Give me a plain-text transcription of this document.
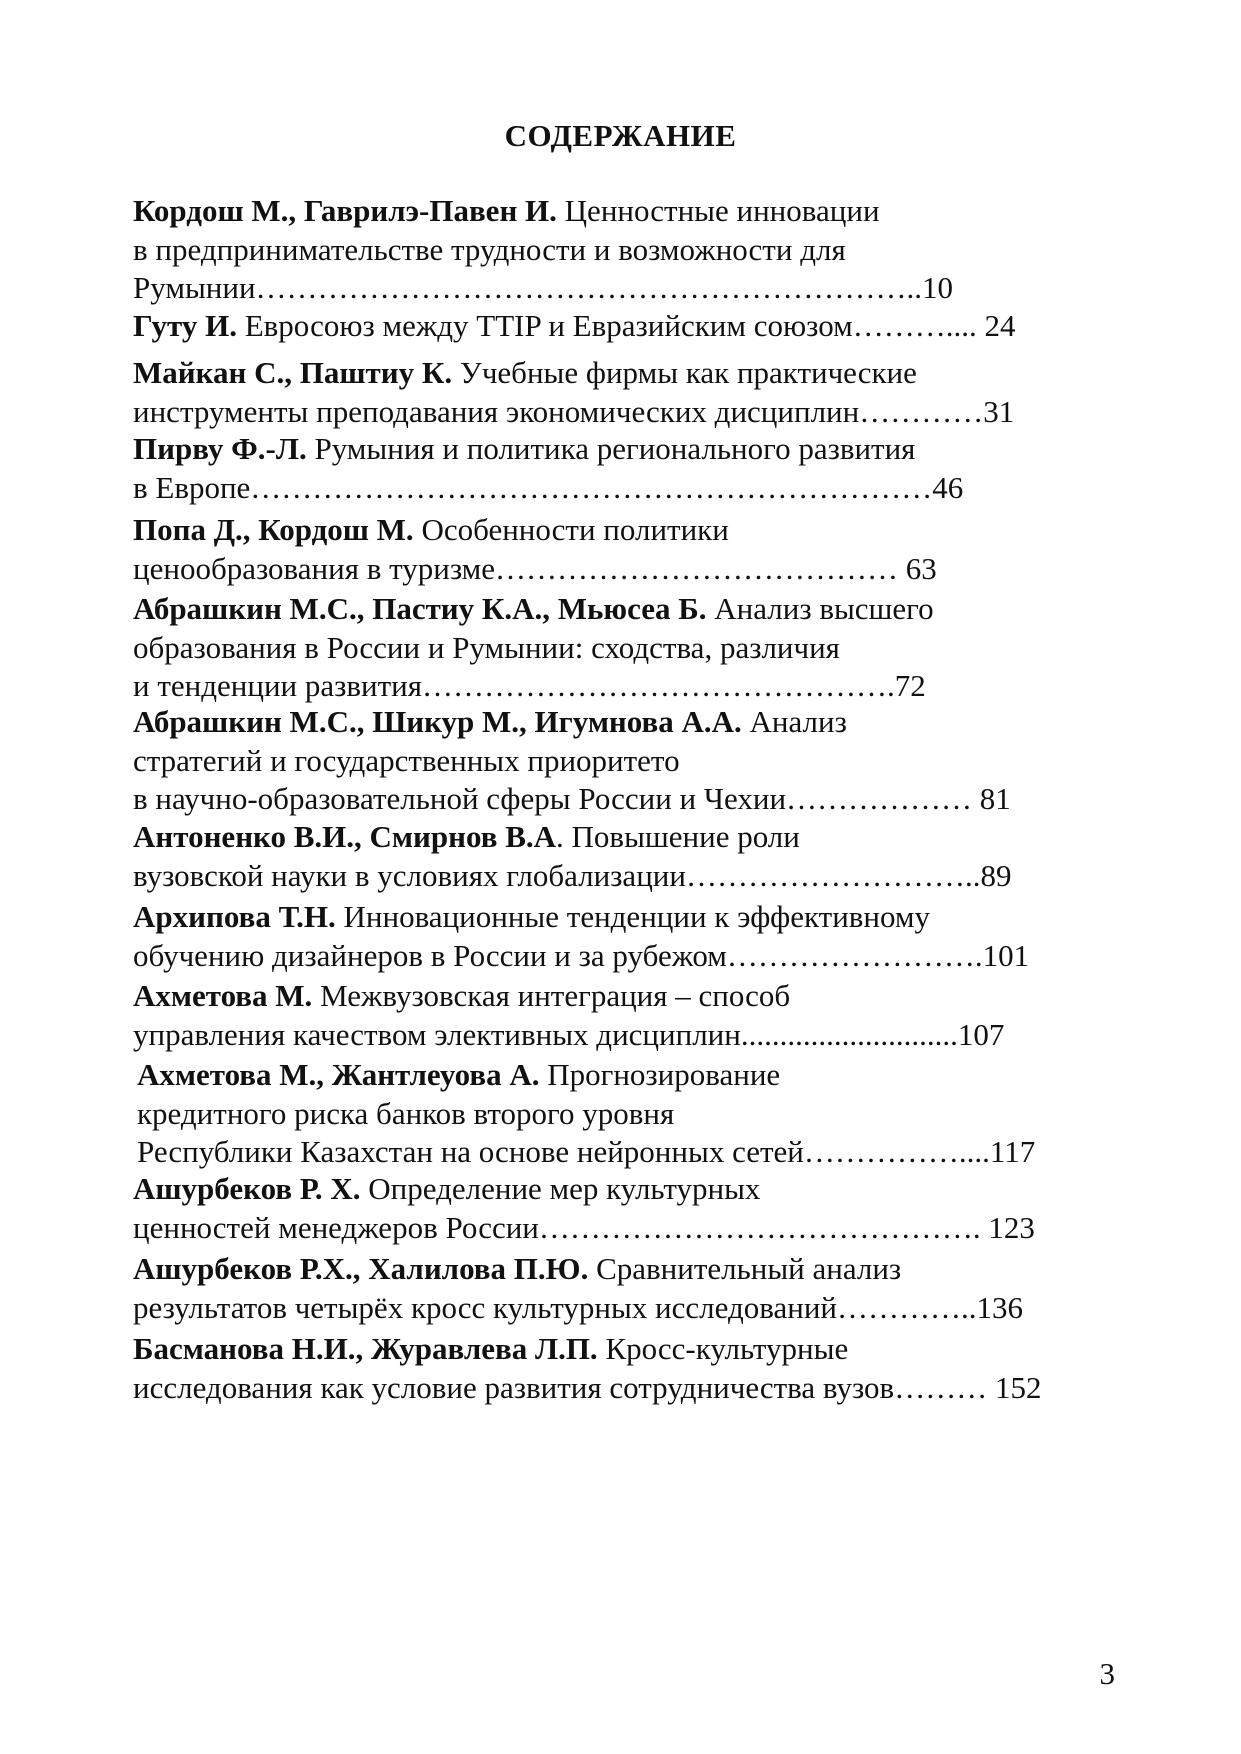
СОДЕРЖАНИЕ
Кордош М., Гаврилэ-Павен И. Ценностные инновации
в предпринимательстве трудности и возможности для
Румынии………………………………………………………..10
Гуту И. Евросоюз между TTIP и Евразийским союзом……….... 24
Майкан С., Паштиу К. Учебные фирмы как практические
инструменты преподавания экономических дисциплин…………31
Пирву Ф.-Л. Румыния и политика регионального развития
в Европе…………………………………………………………46
Попа Д., Кордош М. Особенности политики
ценообразования в туризме………………………………… 63
Абрашкин М.С., Пастиу К.А., Мьюсеа Б. Анализ высшего
образования в России и Румынии: сходства, различия
и тенденции развития……………………………………….72
Абрашкин М.С., Шикур М., Игумнова А.А. Анализ
стратегий и государственных приоритето
в научно-образовательной сферы России и Чехии……………… 81
Антоненко В.И., Смирнов В.А. Повышение роли
вузовской науки в условиях глобализации………………………..89
Архипова Т.Н. Инновационные тенденции к эффективному
обучению дизайнеров в России и за рубежом…………………….101
Ахметова М. Межвузовская интеграция – способ
управления качеством элективных дисциплин............................107
Ахметова М., Жантлеуова А. Прогнозирование
кредитного риска банков второго уровня
Республики Казахстан на основе нейронных сетей……………....117
Ашурбеков Р. Х. Определение мер культурных
ценностей менеджеров России……………………………………. 123
Ашурбеков Р.Х., Халилова П.Ю. Сравнительный анализ
результатов четырёх кросс культурных исследований…………..136
Басманова Н.И., Журавлева Л.П. Кросс-культурные
исследования как условие развития сотрудничества вузов……… 152
3
